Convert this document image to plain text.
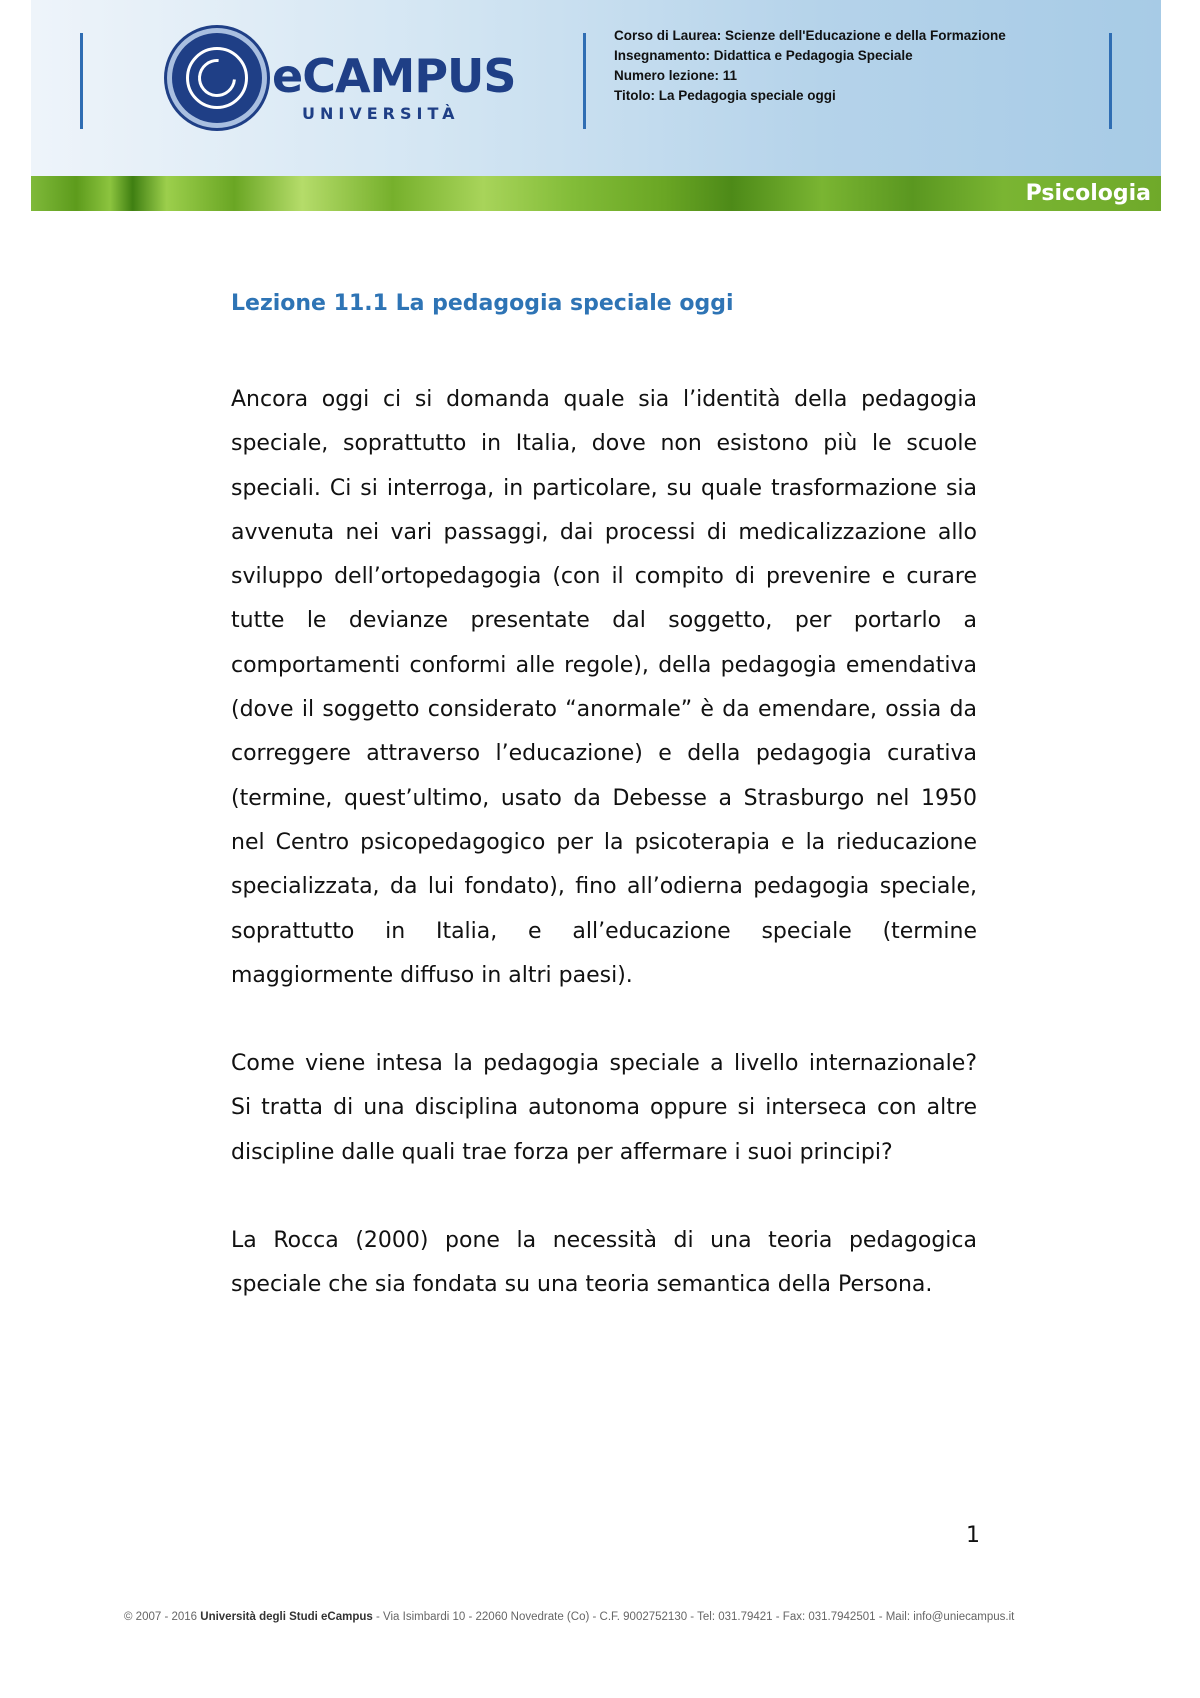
eCAMPUS
UNIVERSITÀ
Corso di Laurea: Scienze dell'Educazione e della Formazione
Insegnamento: Didattica e Pedagogia Speciale
Numero lezione: 11
Titolo: La Pedagogia speciale oggi
Psicologia
Lezione 11.1 La pedagogia speciale oggi

Ancora oggi ci si domanda quale sia l’identità della pedagogia speciale, soprattutto in Italia, dove non esistono più le scuole speciali. Ci si interroga, in particolare, su quale trasformazione sia avvenuta nei vari passaggi, dai processi di medicalizzazione allo sviluppo dell’ortopedagogia (con il compito di prevenire e curare tutte le devianze presentate dal soggetto, per portarlo a comportamenti conformi alle regole), della pedagogia emendativa (dove il soggetto considerato “anormale” è da emendare, ossia da correggere attraverso l’educazione) e della pedagogia curativa (termine, quest’ultimo, usato da Debesse a Strasburgo nel 1950 nel Centro psicopedagogico per la psicoterapia e la rieducazione specializzata, da lui fondato), fino all’odierna pedagogia speciale, soprattutto in Italia, e all’educazione speciale (termine maggiormente diffuso in altri paesi).

Come viene intesa la pedagogia speciale a livello internazionale? Si tratta di una disciplina autonoma oppure si interseca con altre discipline dalle quali trae forza per affermare i suoi principi?

La Rocca (2000) pone la necessità di una teoria pedagogica speciale che sia fondata su una teoria semantica della Persona.

1
© 2007 - 2016 Università degli Studi eCampus - Via Isimbardi 10 - 22060 Novedrate (Co) - C.F. 9002752130 - Tel: 031.79421 - Fax: 031.7942501 - Mail: info@uniecampus.it
